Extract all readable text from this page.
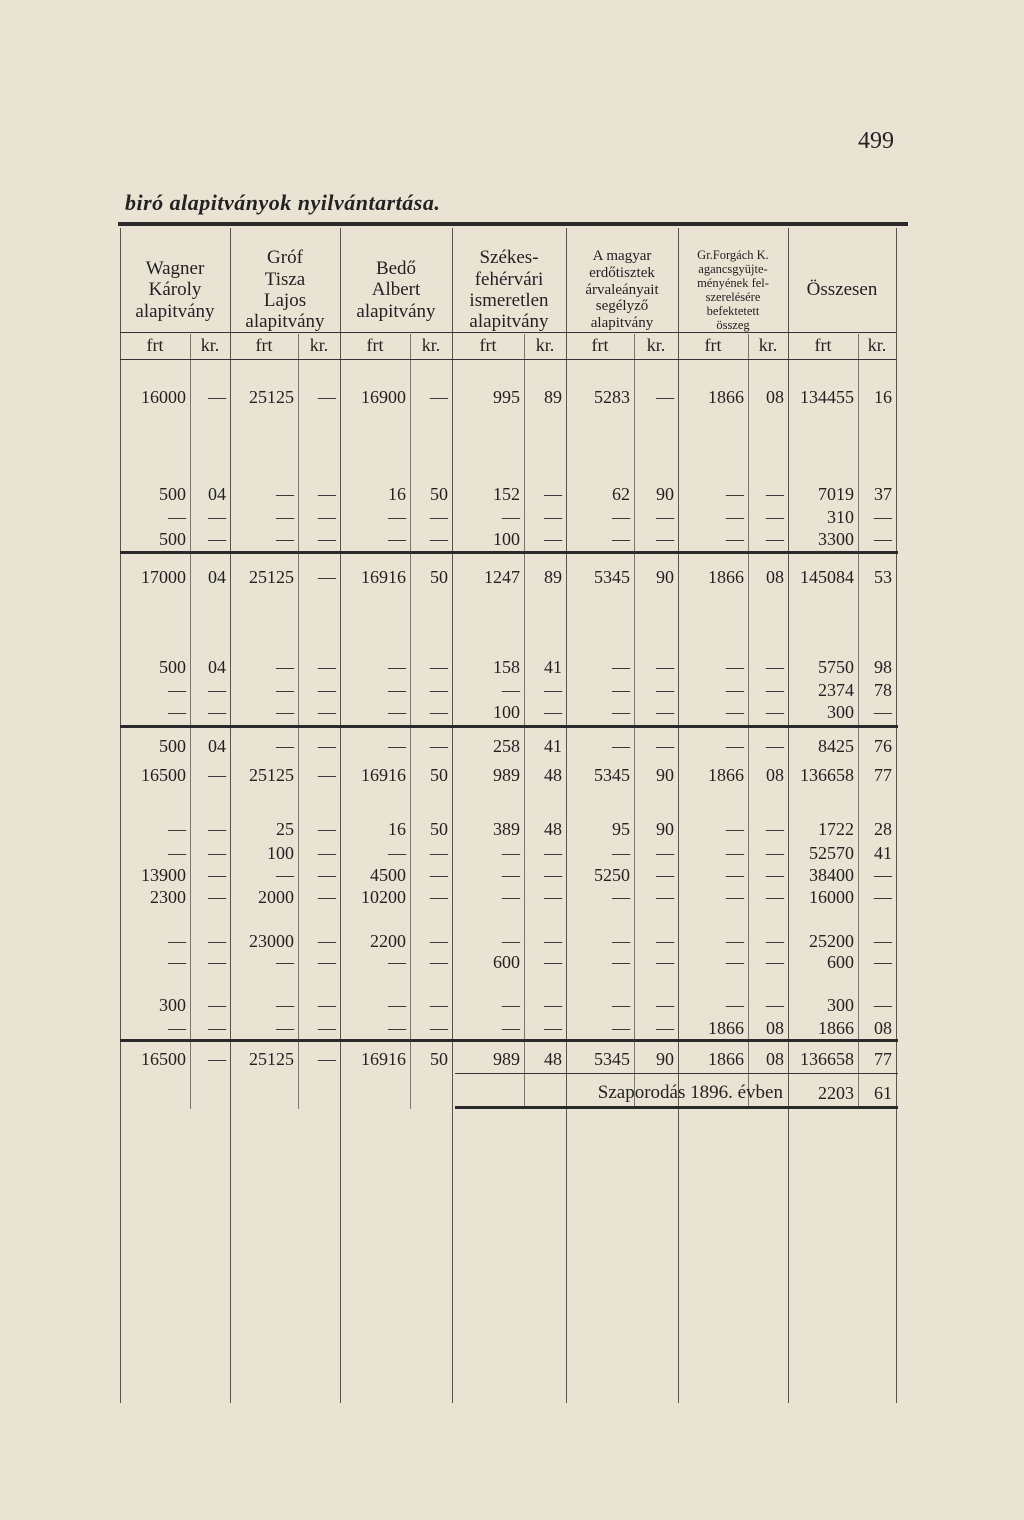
499
biró alapitványok nyilvántartása.
Wagner
Károly
alapitvány
Gróf
Tisza
Lajos
alapitvány
Bedő
Albert
alapitvány
Székes-
fehérvári
ismeretlen
alapitvány
A magyar
erdőtisztek
árvaleányait
segélyző
alapitvány
Gr.Forgách K.
agancsgyüjte-
ményének fel-
szerelésére
befektetett
összeg
Összesen
frt	kr.	frt	kr.	frt	kr.	frt	kr.	frt	kr.	frt	kr.	frt	kr.
16000	—	25125	—	16900	—	995	89	5283	—	1866	08 134455	16
500	04	—	—	16	50	152	—	62	90	—	—	7019	37
—	—	—	—	—	—	—	—	—	—	—	—	310	—
500	—	—	—	—	—	100	—	—	—	—	—	3300	—
17000	04	25125	—	16916	50	1247	89	5345	90	1866	08 145084	53
500	04	—	—	—	—	158	41	—	—	—	—	5750	98
—	—	—	—	—	—	—	—	—	—	—	—	2374	78
—	—	—	—	—	—	100	—	—	—	—	—	300	—
500	04	—	—	—	—	258	41	—	—	—	—	8425	76
16500	—	25125	—	16916	50	989	48	5345	90	1866	08 136658	77
—	—	25	—	16	50	389	48	95	90	—	—	1722	28
—	—	100	—	—	—	—	—	—	—	—	—	52570	41
13900	—	—	—	4500	—	—	—	5250	—	—	—	38400	—
2300	—	2000	—	10200	—	—	—	—	—	—	—	16000	—
—	—	23000	—	2200	—	—	—	—	—	—	—	25200	—
—	—	—	—	—	—	600	—	—	—	—	—	600	—
300	—	—	—	—	—	—	—	—	—	—	—	300	—
—	—	—	—	—	—	—	—	—	—	1866	08	1866	08
16500	—	25125	—	16916	50	989	48	5345	90	1866	08 136658	77
Szaporodás 1896. évben	2203	61
